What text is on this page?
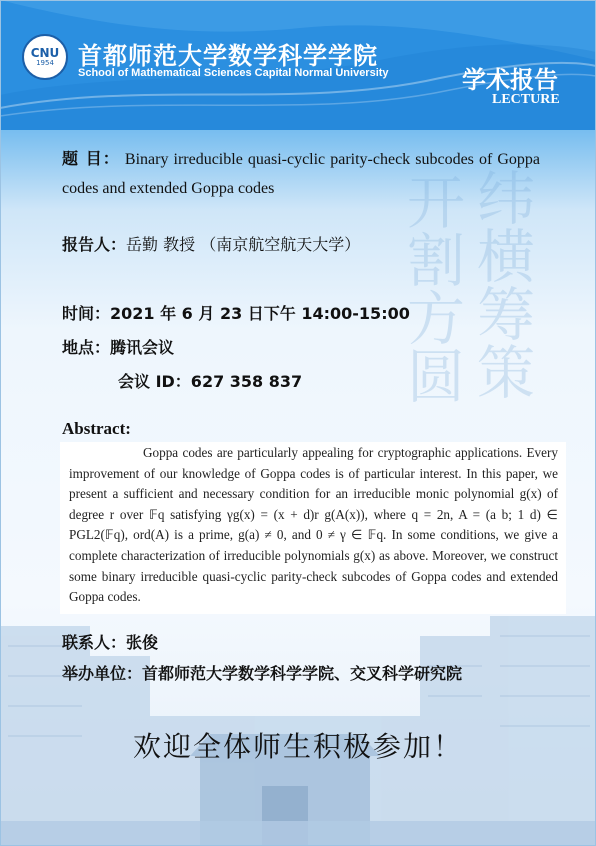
CNU
1954 首都师范大学数学科学学院
School of Mathematical Sciences Capital Normal University	学术报告
LECTURE
纬横筹策
开割方圆
题 目： Binary irreducible quasi-cyclic parity-check subcodes of Goppa codes and extended Goppa codes
报告人：岳勤 教授 （南京航空航天大学）
时间：2021 年 6 月 23 日下午 14:00-15:00
地点：腾讯会议
会议 ID：627 358 837
Abstract:
Goppa codes are particularly appealing for cryptographic applications. Every improvement of our knowledge of Goppa codes is of particular interest. In this paper, we present a sufficient and necessary condition for an irreducible monic polynomial g(x) of degree r over 𝔽q satisfying γg(x) = (x + d)r g(A(x)), where q = 2n, A = (a b; 1 d) ∈ PGL2(𝔽q), ord(A) is a prime, g(a) ≠ 0, and 0 ≠ γ ∈ 𝔽q. In some conditions, we give a complete characterization of irreducible polynomials g(x) as above. Moreover, we construct some binary irreducible quasi-cyclic parity-check subcodes of Goppa codes and extended Goppa codes.
联系人：张俊
举办单位：首都师范大学数学科学学院、交叉科学研究院
欢迎全体师生积极参加！
